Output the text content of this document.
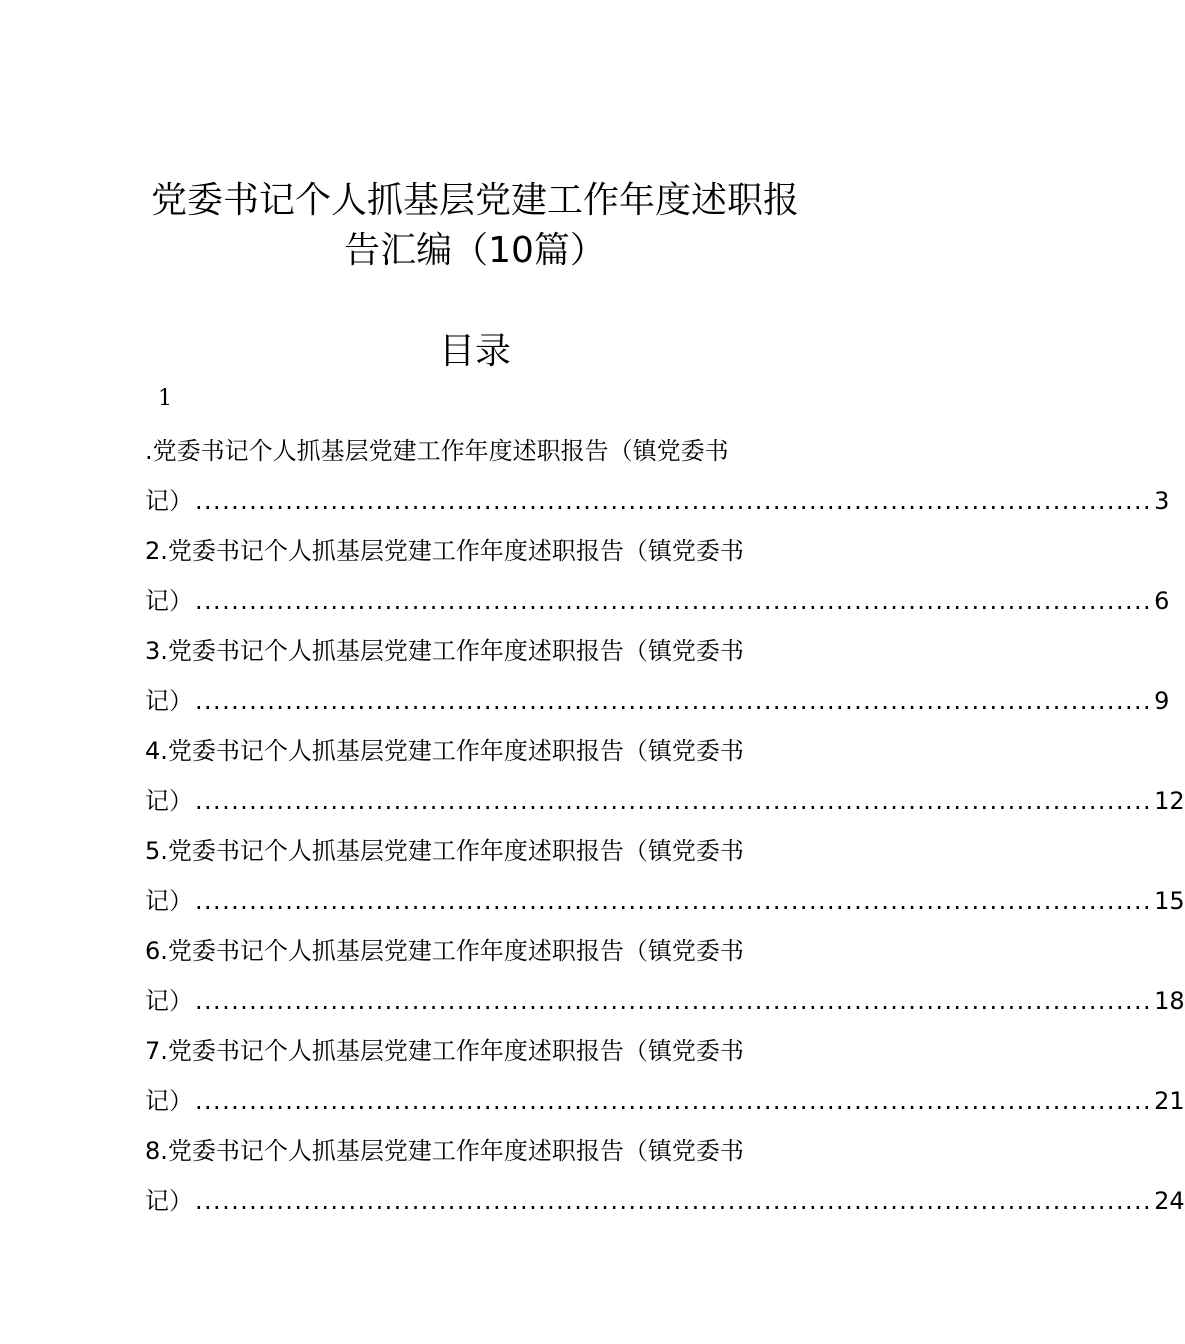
党委书记个人抓基层党建工作年度述职报
告汇编（10篇）
目录
1
.党委书记个人抓基层党建工作年度述职报告（镇党委书
记） .......................................................................................................... 3
2.党委书记个人抓基层党建工作年度述职报告（镇党委书
记） .......................................................................................................... 6
3.党委书记个人抓基层党建工作年度述职报告（镇党委书
记） .......................................................................................................... 9
4.党委书记个人抓基层党建工作年度述职报告（镇党委书
记） .......................................................................................................... 12
5.党委书记个人抓基层党建工作年度述职报告（镇党委书
记） .......................................................................................................... 15
6.党委书记个人抓基层党建工作年度述职报告（镇党委书
记） .......................................................................................................... 18
7.党委书记个人抓基层党建工作年度述职报告（镇党委书
记） .......................................................................................................... 21
8.党委书记个人抓基层党建工作年度述职报告（镇党委书
记） .......................................................................................................... 24
